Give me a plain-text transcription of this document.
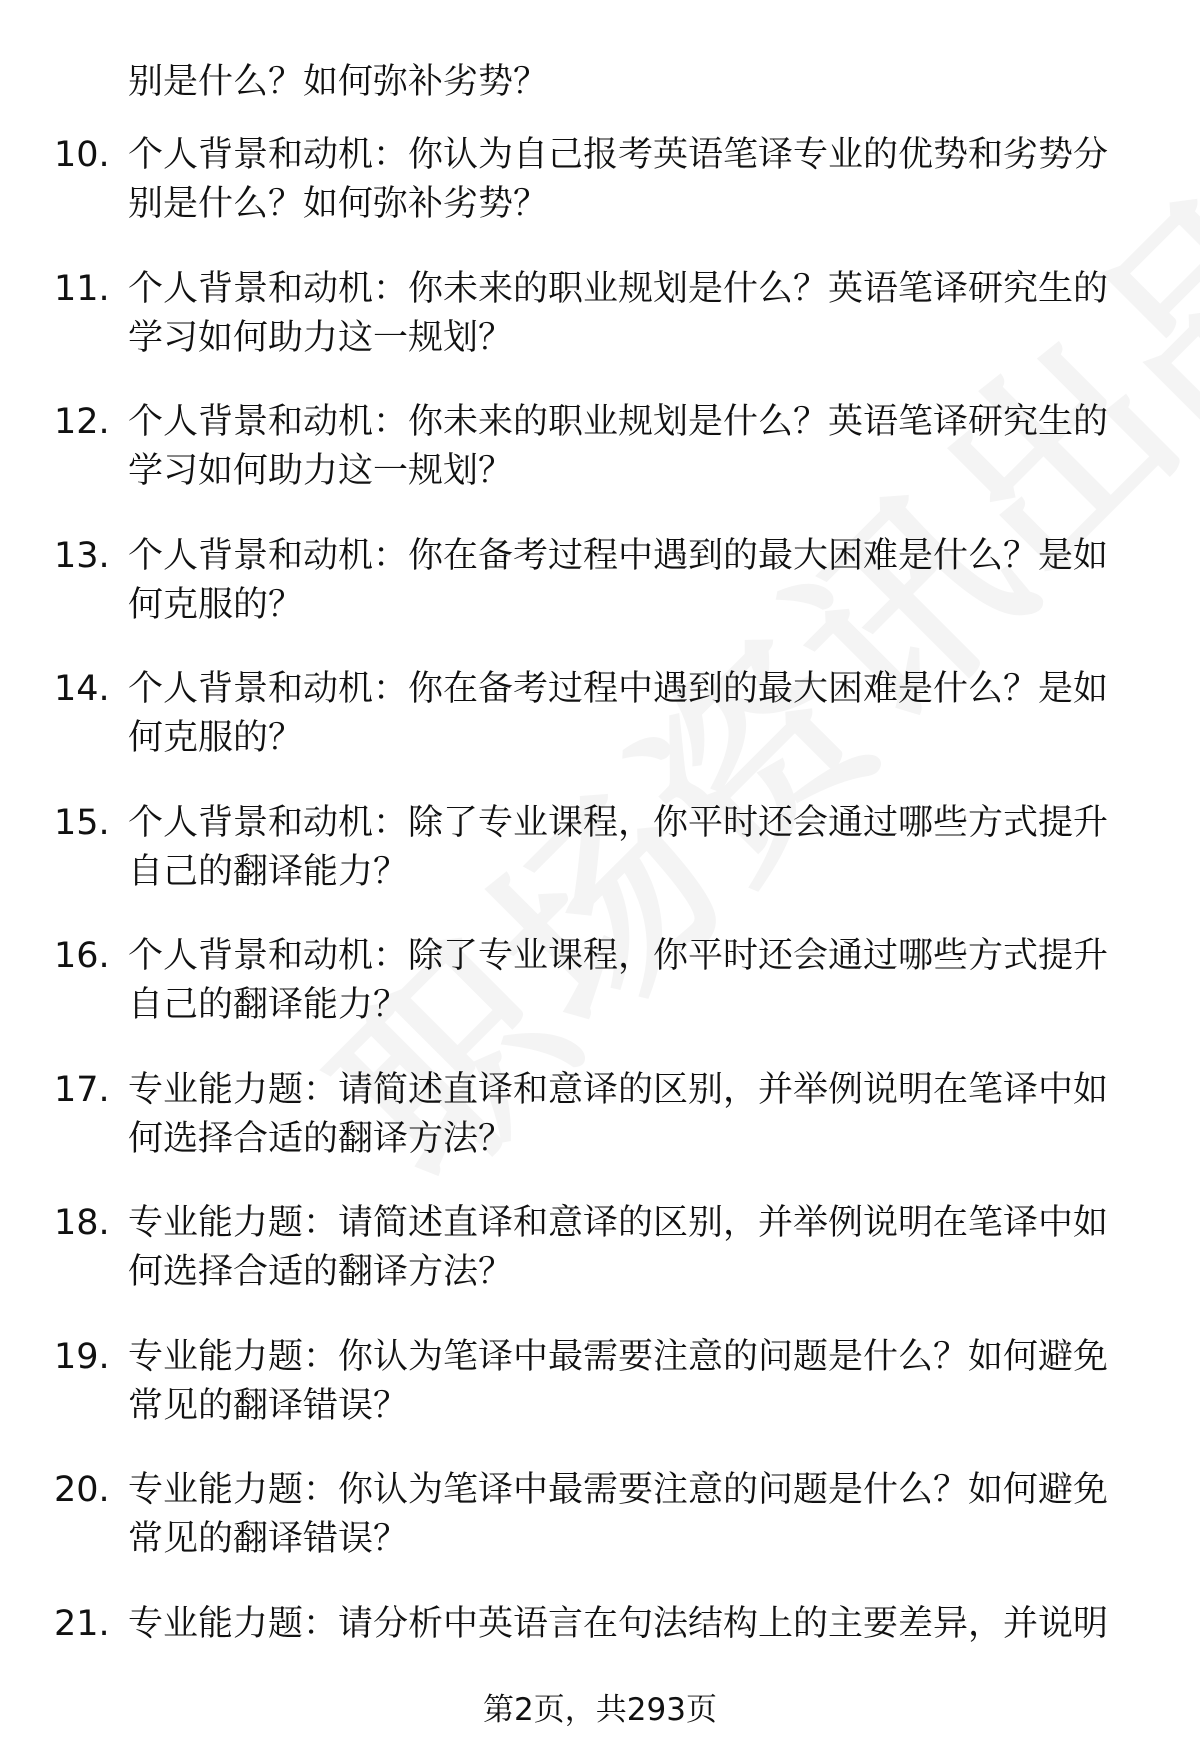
别是什么？如何弥补劣势？
10. 个人背景和动机：你认为自己报考英语笔译专业的优势和劣势分别是什么？如何弥补劣势？
11. 个人背景和动机：你未来的职业规划是什么？英语笔译研究生的学习如何助力这一规划？
12. 个人背景和动机：你未来的职业规划是什么？英语笔译研究生的学习如何助力这一规划？
13. 个人背景和动机：你在备考过程中遇到的最大困难是什么？是如何克服的？
14. 个人背景和动机：你在备考过程中遇到的最大困难是什么？是如何克服的？
15. 个人背景和动机：除了专业课程，你平时还会通过哪些方式提升自己的翻译能力？
16. 个人背景和动机：除了专业课程，你平时还会通过哪些方式提升自己的翻译能力？
17. 专业能力题：请简述直译和意译的区别，并举例说明在笔译中如何选择合适的翻译方法？
18. 专业能力题：请简述直译和意译的区别，并举例说明在笔译中如何选择合适的翻译方法？
19. 专业能力题：你认为笔译中最需要注意的问题是什么？如何避免常见的翻译错误？
20. 专业能力题：你认为笔译中最需要注意的问题是什么？如何避免常见的翻译错误？
21. 专业能力题：请分析中英语言在句法结构上的主要差异，并说明
第2页，共293页
